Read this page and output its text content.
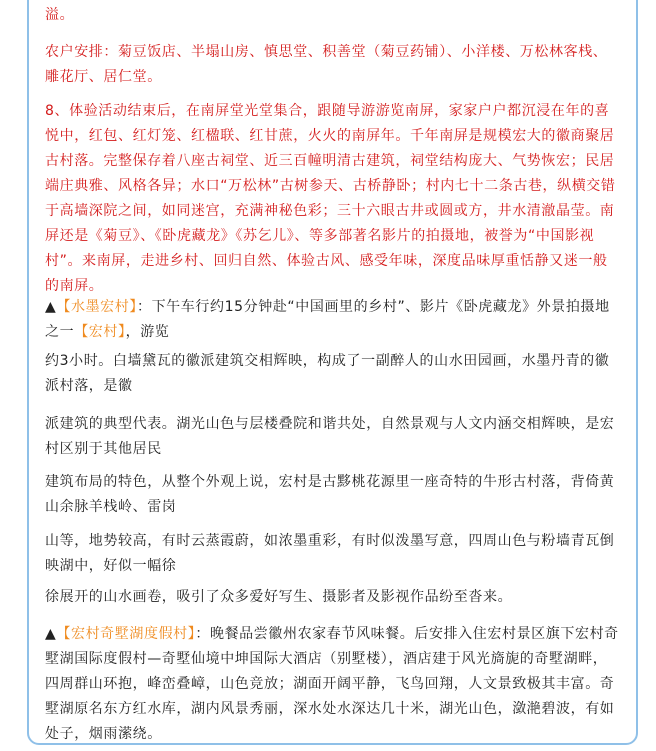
溢。

农户安排：菊豆饭店、半塌山房、慎思堂、积善堂（菊豆药铺）、小洋楼、万松林客栈、雕花厅、居仁堂。

8、体验活动结束后，在南屏堂光堂集合，跟随导游游览南屏，家家户户都沉浸在年的喜悦中，红包、红灯笼、红楹联、红甘蔗，火火的南屏年。千年南屏是规模宏大的徽商聚居古村落。完整保存着八座古祠堂、近三百幢明清古建筑，祠堂结构庞大、气势恢宏；民居端庄典雅、风格各异；水口“万松林”古树参天、古桥静卧；村内七十二条古巷，纵横交错于高墙深院之间，如同迷宫，充满神秘色彩；三十六眼古井或圆或方，井水清澈晶莹。南屏还是《菊豆》、《卧虎藏龙》《苏乞儿》、等多部著名影片的拍摄地，被誉为“中国影视村”。来南屏，走进乡村、回归自然、体验古风、感受年味，深度品味厚重恬静又迷一般的南屏。

▲【水墨宏村】：下午车行约15分钟赴“中国画里的乡村”、影片《卧虎藏龙》外景拍摄地之一【宏村】，游览

约3小时。白墙黛瓦的徽派建筑交相辉映，构成了一副醉人的山水田园画，水墨丹青的徽派村落，是徽

派建筑的典型代表。湖光山色与层楼叠院和谐共处，自然景观与人文内涵交相辉映，是宏村区别于其他居民

建筑布局的特色，从整个外观上说，宏村是古黟桃花源里一座奇特的牛形古村落，背倚黄山余脉羊栈岭、雷岗

山等，地势较高，有时云蒸霞蔚，如浓墨重彩，有时似泼墨写意，四周山色与粉墙青瓦倒映湖中，好似一幅徐

徐展开的山水画卷，吸引了众多爱好写生、摄影者及影视作品纷至沓来。

▲【宏村奇墅湖度假村】：晚餐品尝徽州农家春节风味餐。后安排入住宏村景区旗下宏村奇墅湖国际度假村—奇墅仙境中坤国际大酒店（别墅楼），酒店建于风光旖旎的奇墅湖畔，四周群山环抱，峰峦叠嶂，山色竞放；湖面开阔平静，飞鸟回翔，人文景致极其丰富。奇墅湖原名东方红水库，湖内风景秀丽，深水处水深达几十米，湖光山色，潋滟碧波，有如处子，烟雨潆绕。
